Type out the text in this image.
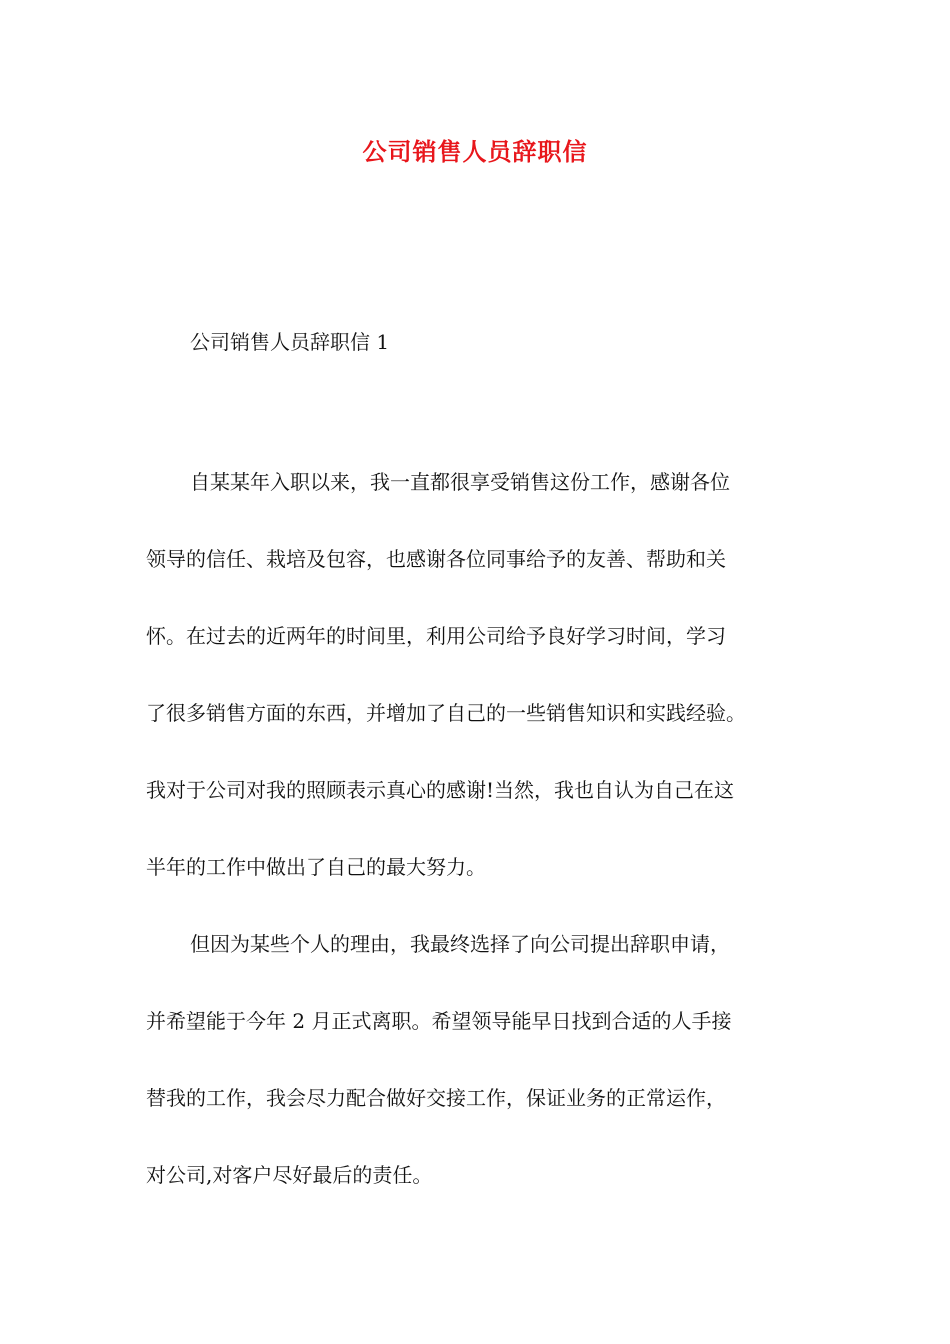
公司销售人员辞职信
公司销售人员辞职信 1
自某某年入职以来，我一直都很享受销售这份工作，感谢各位
领导的信任、栽培及包容，也感谢各位同事给予的友善、帮助和关
怀。在过去的近两年的时间里，利用公司给予良好学习时间，学习
了很多销售方面的东西，并增加了自己的一些销售知识和实践经验。
我对于公司对我的照顾表示真心的感谢!当然，我也自认为自己在这
半年的工作中做出了自己的最大努力。
但因为某些个人的理由，我最终选择了向公司提出辞职申请，
并希望能于今年 2 月正式离职。希望领导能早日找到合适的人手接
替我的工作，我会尽力配合做好交接工作，保证业务的正常运作，
对公司,对客户尽好最后的责任。
